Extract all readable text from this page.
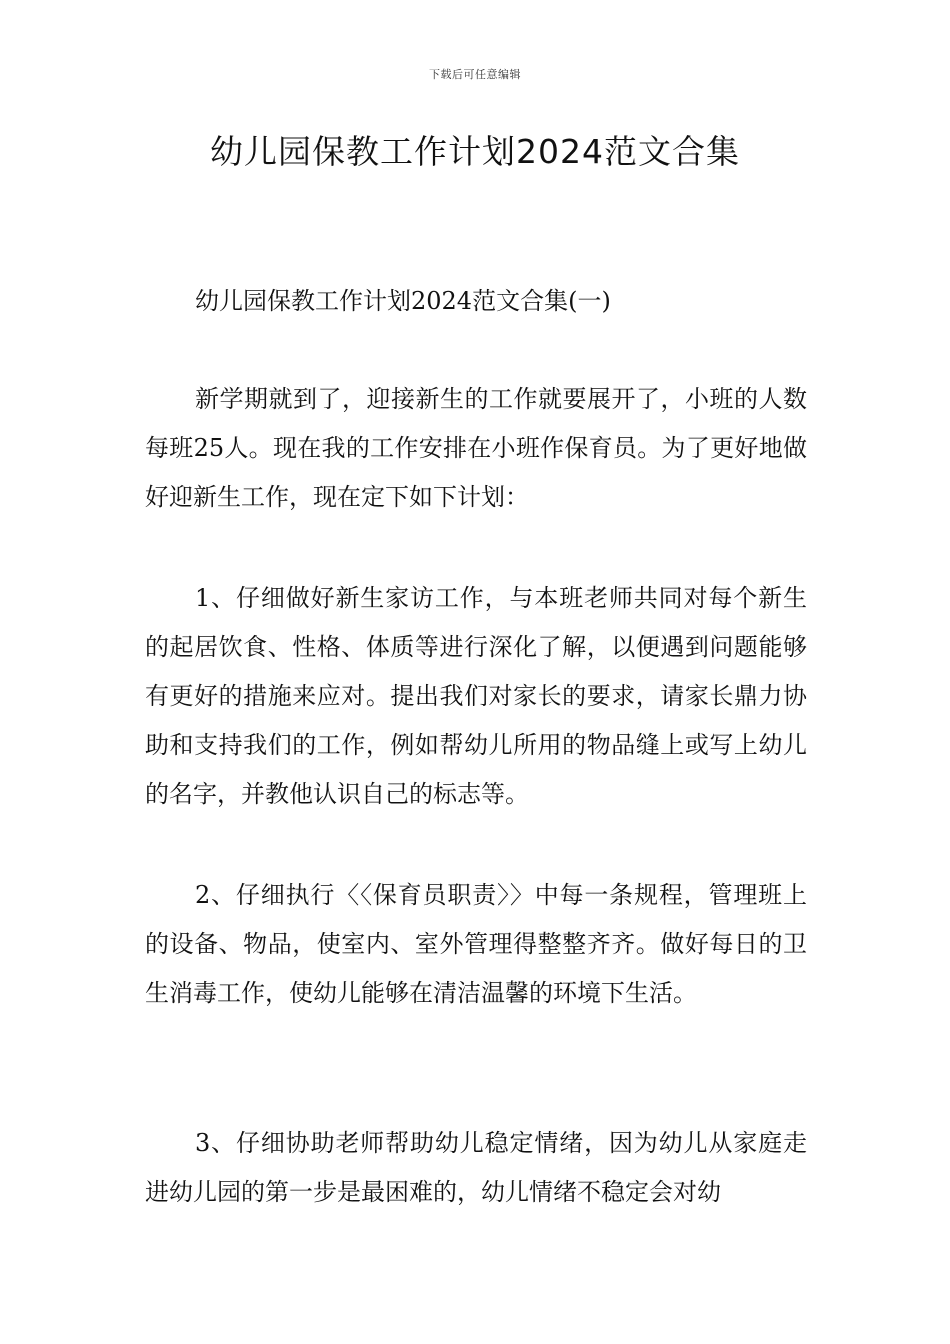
下载后可任意编辑
幼儿园保教工作计划2024范文合集

幼儿园保教工作计划2024范文合集(一)

新学期就到了，迎接新生的工作就要展开了，小班的人数每班25人。现在我的工作安排在小班作保育员。为了更好地做好迎新生工作，现在定下如下计划：

1、仔细做好新生家访工作，与本班老师共同对每个新生的起居饮食、性格、体质等进行深化了解，以便遇到问题能够有更好的措施来应对。提出我们对家长的要求，请家长鼎力协助和支持我们的工作，例如帮幼儿所用的物品缝上或写上幼儿的名字，并教他认识自己的标志等。

2、仔细执行〈〈保育员职责〉〉中每一条规程，管理班上的设备、物品，使室内、室外管理得整整齐齐。做好每日的卫生消毒工作，使幼儿能够在清洁温馨的环境下生活。

3、仔细协助老师帮助幼儿稳定情绪，因为幼儿从家庭走进幼儿园的第一步是最困难的，幼儿情绪不稳定会对幼
